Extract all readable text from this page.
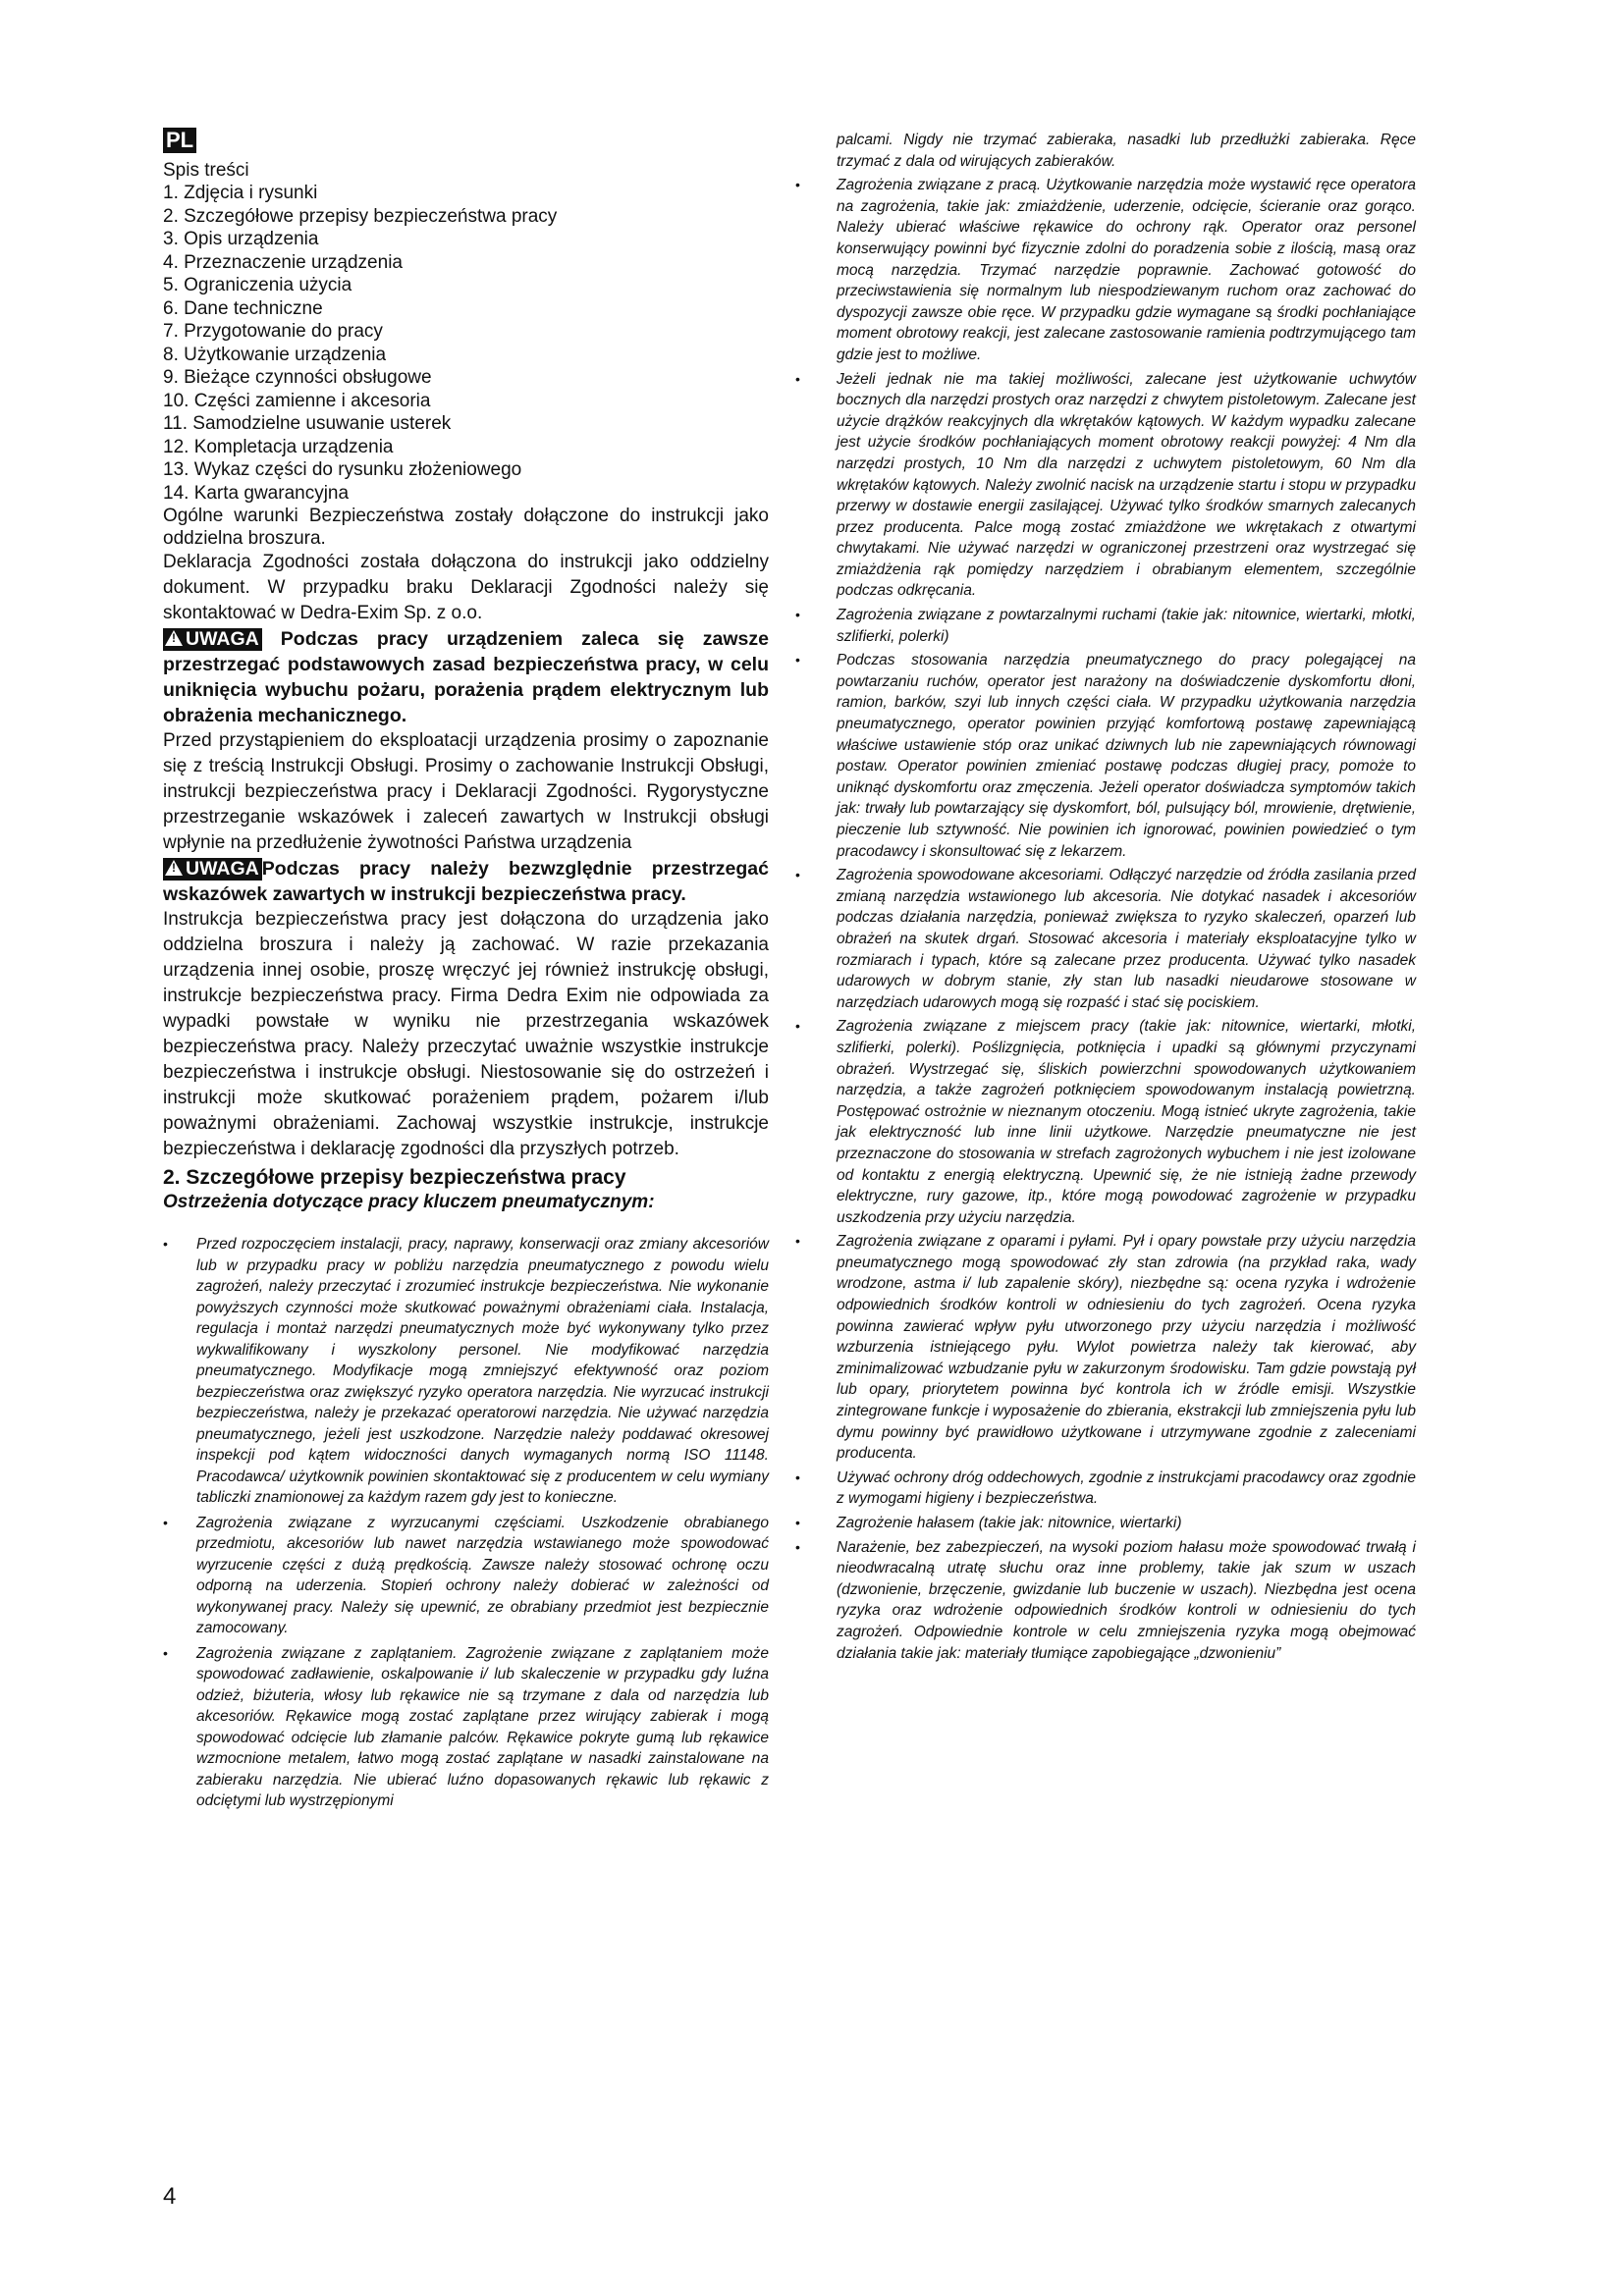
PL
Spis treści
1. Zdjęcia i rysunki
2. Szczegółowe przepisy bezpieczeństwa pracy
3. Opis urządzenia
4. Przeznaczenie urządzenia
5. Ograniczenia użycia
6. Dane techniczne
7. Przygotowanie do pracy
8. Użytkowanie urządzenia
9. Bieżące czynności obsługowe
10. Części zamienne i akcesoria
11. Samodzielne usuwanie usterek
12. Kompletacja urządzenia
13. Wykaz części do rysunku złożeniowego
14. Karta gwarancyjna

Ogólne warunki Bezpieczeństwa zostały dołączone do instrukcji jako oddzielna broszura.

Deklaracja Zgodności została dołączona do instrukcji jako oddzielny dokument. W przypadku braku Deklaracji Zgodności należy się skontaktować w Dedra-Exim Sp. z o.o.

!UWAGA Podczas pracy urządzeniem zaleca się zawsze przestrzegać podstawowych zasad bezpieczeństwa pracy, w celu uniknięcia wybuchu pożaru, porażenia prądem elektrycznym lub obrażenia mechanicznego.

Przed przystąpieniem do eksploatacji urządzenia prosimy o zapoznanie się z treścią Instrukcji Obsługi. Prosimy o zachowanie Instrukcji Obsługi, instrukcji bezpieczeństwa pracy i Deklaracji Zgodności. Rygorystyczne przestrzeganie wskazówek i zaleceń zawartych w Instrukcji obsługi wpłynie na przedłużenie żywotności Państwa urządzenia

!UWAGA Podczas pracy należy bezwzględnie przestrzegać wskazówek zawartych w instrukcji bezpieczeństwa pracy.

Instrukcja bezpieczeństwa pracy jest dołączona do urządzenia jako oddzielna broszura i należy ją zachować. W razie przekazania urządzenia innej osobie, proszę wręczyć jej również instrukcję obsługi, instrukcje bezpieczeństwa pracy. Firma Dedra Exim nie odpowiada za wypadki powstałe w wyniku nie przestrzegania wskazówek bezpieczeństwa pracy. Należy przeczytać uważnie wszystkie instrukcje bezpieczeństwa i instrukcje obsługi. Niestosowanie się do ostrzeżeń i instrukcji może skutkować porażeniem prądem, pożarem i/lub poważnymi obrażeniami. Zachowaj wszystkie instrukcje, instrukcje bezpieczeństwa i deklarację zgodności dla przyszłych potrzeb.

2. Szczegółowe przepisy bezpieczeństwa pracy
Ostrzeżenia dotyczące pracy kluczem pneumatycznym:
• Przed rozpoczęciem instalacji, pracy, naprawy, konserwacji oraz zmiany akcesoriów lub w przypadku pracy w pobliżu narzędzia pneumatycznego z powodu wielu zagrożeń, należy przeczytać i zrozumieć instrukcje bezpieczeństwa. Nie wykonanie powyższych czynności może skutkować poważnymi obrażeniami ciała. Instalacja, regulacja i montaż narzędzi pneumatycznych może być wykonywany tylko przez wykwalifikowany i wyszkolony personel. Nie modyfikować narzędzia pneumatycznego. Modyfikacje mogą zmniejszyć efektywność oraz poziom bezpieczeństwa oraz zwiększyć ryzyko operatora narzędzia. Nie wyrzucać instrukcji bezpieczeństwa, należy je przekazać operatorowi narzędzia. Nie używać narzędzia pneumatycznego, jeżeli jest uszkodzone. Narzędzie należy poddawać okresowej inspekcji pod kątem widoczności danych wymaganych normą ISO 11148. Pracodawca/ użytkownik powinien skontaktować się z producentem w celu wymiany tabliczki znamionowej za każdym razem gdy jest to konieczne.
• Zagrożenia związane z wyrzucanymi częściami. Uszkodzenie obrabianego przedmiotu, akcesoriów lub nawet narzędzia wstawianego może spowodować wyrzucenie części z dużą prędkością. Zawsze należy stosować ochronę oczu odporną na uderzenia. Stopień ochrony należy dobierać w zależności od wykonywanej pracy. Należy się upewnić, ze obrabiany przedmiot jest bezpiecznie zamocowany.
• Zagrożenia związane z zaplątaniem. Zagrożenie związane z zaplątaniem może spowodować zadławienie, oskalpowanie i/ lub skaleczenie w przypadku gdy luźna odzież, biżuteria, włosy lub rękawice nie są trzymane z dala od narzędzia lub akcesoriów. Rękawice mogą zostać zaplątane przez wirujący zabierak i mogą spowodować odcięcie lub złamanie palców. Rękawice pokryte gumą lub rękawice wzmocnione metalem, łatwo mogą zostać zaplątane w nasadki zainstalowane na zabieraku narzędzia. Nie ubierać luźno dopasowanych rękawic lub rękawic z odciętymi lub wystrzępionymi

palcami. Nigdy nie trzymać zabieraka, nasadki lub przedłużki zabieraka. Ręce trzymać z dala od wirujących zabieraków.

• Zagrożenia związane z pracą. Użytkowanie narzędzia może wystawić ręce operatora na zagrożenia, takie jak: zmiażdżenie, uderzenie, odcięcie, ścieranie oraz gorąco. Należy ubierać właściwe rękawice do ochrony rąk. Operator oraz personel konserwujący powinni być fizycznie zdolni do poradzenia sobie z ilością, masą oraz mocą narzędzia. Trzymać narzędzie poprawnie. Zachować gotowość do przeciwstawienia się normalnym lub niespodziewanym ruchom oraz zachować do dyspozycji zawsze obie ręce. W przypadku gdzie wymagane są środki pochłaniające moment obrotowy reakcji, jest zalecane zastosowanie ramienia podtrzymującego tam gdzie jest to możliwe.
• Jeżeli jednak nie ma takiej możliwości, zalecane jest użytkowanie uchwytów bocznych dla narzędzi prostych oraz narzędzi z chwytem pistoletowym. Zalecane jest użycie drążków reakcyjnych dla wkrętaków kątowych. W każdym wypadku zalecane jest użycie środków pochłaniających moment obrotowy reakcji powyżej: 4 Nm dla narzędzi prostych, 10 Nm dla narzędzi z uchwytem pistoletowym, 60 Nm dla wkrętaków kątowych. Należy zwolnić nacisk na urządzenie startu i stopu w przypadku przerwy w dostawie energii zasilającej. Używać tylko środków smarnych zalecanych przez producenta. Palce mogą zostać zmiażdżone we wkrętakach z otwartymi chwytakami. Nie używać narzędzi w ograniczonej przestrzeni oraz wystrzegać się zmiażdżenia rąk pomiędzy narzędziem i obrabianym elementem, szczególnie podczas odkręcania.
• Zagrożenia związane z powtarzalnymi ruchami (takie jak: nitownice, wiertarki, młotki, szlifierki, polerki)
• Podczas stosowania narzędzia pneumatycznego do pracy polegającej na powtarzaniu ruchów, operator jest narażony na doświadczenie dyskomfortu dłoni, ramion, barków, szyi lub innych części ciała. W przypadku użytkowania narzędzia pneumatycznego, operator powinien przyjąć komfortową postawę zapewniającą właściwe ustawienie stóp oraz unikać dziwnych lub nie zapewniających równowagi postaw. Operator powinien zmieniać postawę podczas długiej pracy, pomoże to uniknąć dyskomfortu oraz zmęczenia. Jeżeli operator doświadcza symptomów takich jak: trwały lub powtarzający się dyskomfort, ból, pulsujący ból, mrowienie, drętwienie, pieczenie lub sztywność. Nie powinien ich ignorować, powinien powiedzieć o tym pracodawcy i skonsultować się z lekarzem.
• Zagrożenia spowodowane akcesoriami. Odłączyć narzędzie od źródła zasilania przed zmianą narzędzia wstawionego lub akcesoria. Nie dotykać nasadek i akcesoriów podczas działania narzędzia, ponieważ zwiększa to ryzyko skaleczeń, oparzeń lub obrażeń na skutek drgań. Stosować akcesoria i materiały eksploatacyjne tylko w rozmiarach i typach, które są zalecane przez producenta. Używać tylko nasadek udarowych w dobrym stanie, zły stan lub nasadki nieudarowe stosowane w narzędziach udarowych mogą się rozpaść i stać się pociskiem.
• Zagrożenia związane z miejscem pracy (takie jak: nitownice, wiertarki, młotki, szlifierki, polerki). Poślizgnięcia, potknięcia i upadki są głównymi przyczynami obrażeń. Wystrzegać się, śliskich powierzchni spowodowanych użytkowaniem narzędzia, a także zagrożeń potknięciem spowodowanym instalacją powietrzną. Postępować ostrożnie w nieznanym otoczeniu. Mogą istnieć ukryte zagrożenia, takie jak elektryczność lub inne linii użytkowe. Narzędzie pneumatyczne nie jest przeznaczone do stosowania w strefach zagrożonych wybuchem i nie jest izolowane od kontaktu z energią elektryczną. Upewnić się, że nie istnieją żadne przewody elektryczne, rury gazowe, itp., które mogą powodować zagrożenie w przypadku uszkodzenia przy użyciu narzędzia.
• Zagrożenia związane z oparami i pyłami. Pył i opary powstałe przy użyciu narzędzia pneumatycznego mogą spowodować zły stan zdrowia (na przykład raka, wady wrodzone, astma i/ lub zapalenie skóry), niezbędne są: ocena ryzyka i wdrożenie odpowiednich środków kontroli w odniesieniu do tych zagrożeń. Ocena ryzyka powinna zawierać wpływ pyłu utworzonego przy użyciu narzędzia i możliwość wzburzenia istniejącego pyłu. Wylot powietrza należy tak kierować, aby zminimalizować wzbudzanie pyłu w zakurzonym środowisku. Tam gdzie powstają pył lub opary, priorytetem powinna być kontrola ich w źródle emisji. Wszystkie zintegrowane funkcje i wyposażenie do zbierania, ekstrakcji lub zmniejszenia pyłu lub dymu powinny być prawidłowo użytkowane i utrzymywane zgodnie z zaleceniami producenta.
• Używać ochrony dróg oddechowych, zgodnie z instrukcjami pracodawcy oraz zgodnie z wymogami higieny i bezpieczeństwa.
• Zagrożenie hałasem (takie jak: nitownice, wiertarki)
• Narażenie, bez zabezpieczeń, na wysoki poziom hałasu może spowodować trwałą i nieodwracalną utratę słuchu oraz inne problemy, takie jak szum w uszach (dzwonienie, brzęczenie, gwizdanie lub buczenie w uszach). Niezbędna jest ocena ryzyka oraz wdrożenie odpowiednich środków kontroli w odniesieniu do tych zagrożeń. Odpowiednie kontrole w celu zmniejszenia ryzyka mogą obejmować działania takie jak: materiały tłumiące zapobiegające „dzwonieniu”
4
